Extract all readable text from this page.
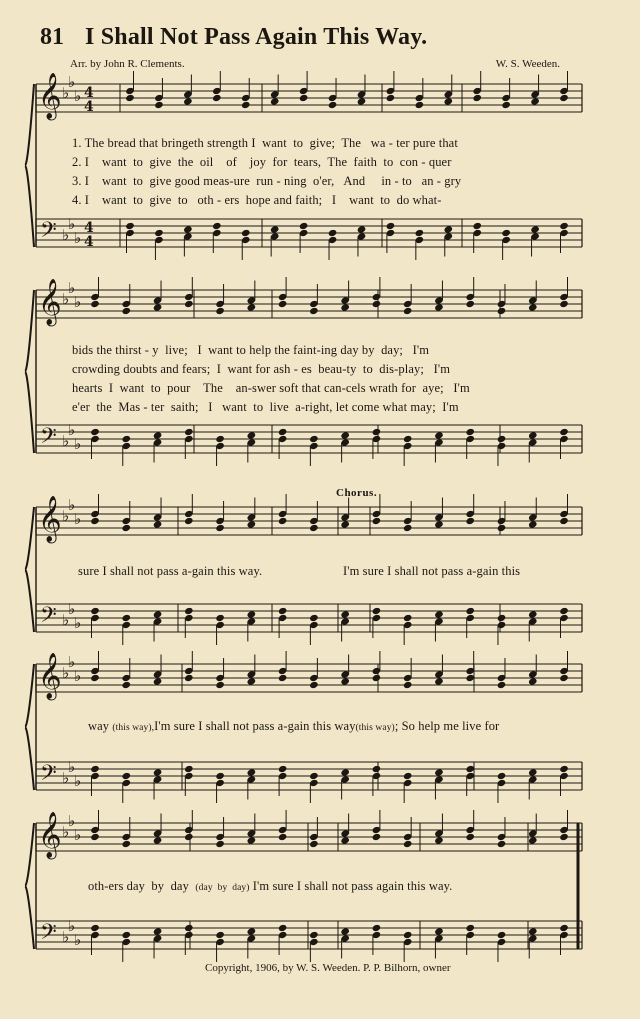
𝄞
𝄢
♭
♭
♭
♭
♭
♭
4
4
4
4
𝄞
𝄢
♭
♭
♭
♭
♭
♭
𝄞
𝄢
♭
♭
♭
♭
♭
♭
𝄞
𝄢
♭
♭
♭
♭
♭
♭
𝄞
𝄢
♭
♭
♭
♭
♭
♭
81 I Shall Not Pass Again This Way.
Arr. by John R. Clements.	W. S. Weeden.
1. The bread that bringeth strength I  want  to  give;  The   wa - ter pure that
2. I    want  to  give  the  oil    of    joy  for  tears,  The  faith  to  con - quer
3. I    want  to  give good meas-ure  run - ning  o'er,   And     in - to   an - gry
4. I    want  to  give  to   oth - ers  hope and faith;   I    want  to  do what-
bids the thirst - y  live;   I  want to help the faint-ing day by  day;   I'm
crowding doubts and fears;  I  want for ash - es  beau-ty  to  dis-play;   I'm
hearts  I  want  to  pour    The    an-swer soft that can-cels wrath for  aye;   I'm
e'er  the  Mas - ter  saith;   I   want  to  live  a-right, let come what may;  I'm
Chorus.
sure I shall not pass a-gain this way.	I'm sure I shall not pass a-gain this
way (this way),I'm sure I shall not pass a-gain this way(this way); So help me live for
oth-ers day  by  day  (day  by  day) I'm sure I shall not pass again this way.
Copyright, 1906, by W. S. Weeden. P. P. Bilhorn, owner
